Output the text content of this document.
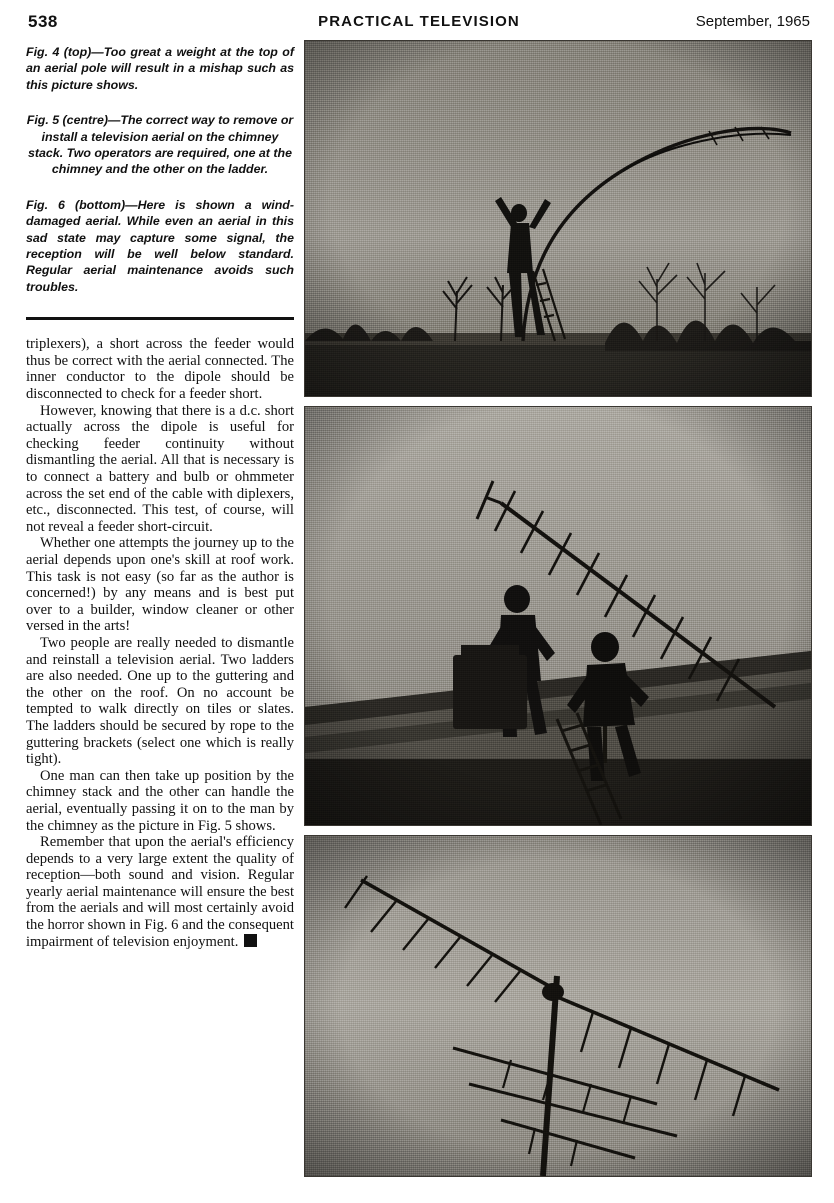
538	PRACTICAL TELEVISION	September, 1965
Fig. 4 (top)—Too great a weight at the top of an aerial pole will result in a mishap such as this picture shows.
Fig. 5 (centre)—The correct way to remove or install a television aerial on the chimney stack. Two operators are required, one at the chimney and the other on the ladder.
Fig. 6 (bottom)—Here is shown a wind-damaged aerial. While even an aerial in this sad state may capture some signal, the reception will be well below standard. Regular aerial maintenance avoids such troubles.

triplexers), a short across the feeder would thus be correct with the aerial connected. The inner conductor to the dipole should be disconnected to check for a feeder short.

However, knowing that there is a d.c. short actually across the dipole is useful for checking feeder continuity without dismantling the aerial. All that is necessary is to connect a battery and bulb or ohmmeter across the set end of the cable with diplexers, etc., disconnected. This test, of course, will not reveal a feeder short-circuit.

Whether one attempts the journey up to the aerial depends upon one's skill at roof work. This task is not easy (so far as the author is concerned!) by any means and is best put over to a builder, window cleaner or other versed in the arts!

Two people are really needed to dismantle and reinstall a television aerial. Two ladders are also needed. One up to the guttering and the other on the roof. On no account be tempted to walk directly on tiles or slates. The ladders should be secured by rope to the guttering brackets (select one which is really tight).

One man can then take up position by the chimney stack and the other can handle the aerial, eventually passing it on to the man by the chimney as the picture in Fig. 5 shows.

Remember that upon the aerial's efficiency depends to a very large extent the quality of reception—both sound and vision. Regular yearly aerial maintenance will ensure the best from the aerials and will most certainly avoid the horror shown in Fig. 6 and the consequent impairment of television enjoyment.
